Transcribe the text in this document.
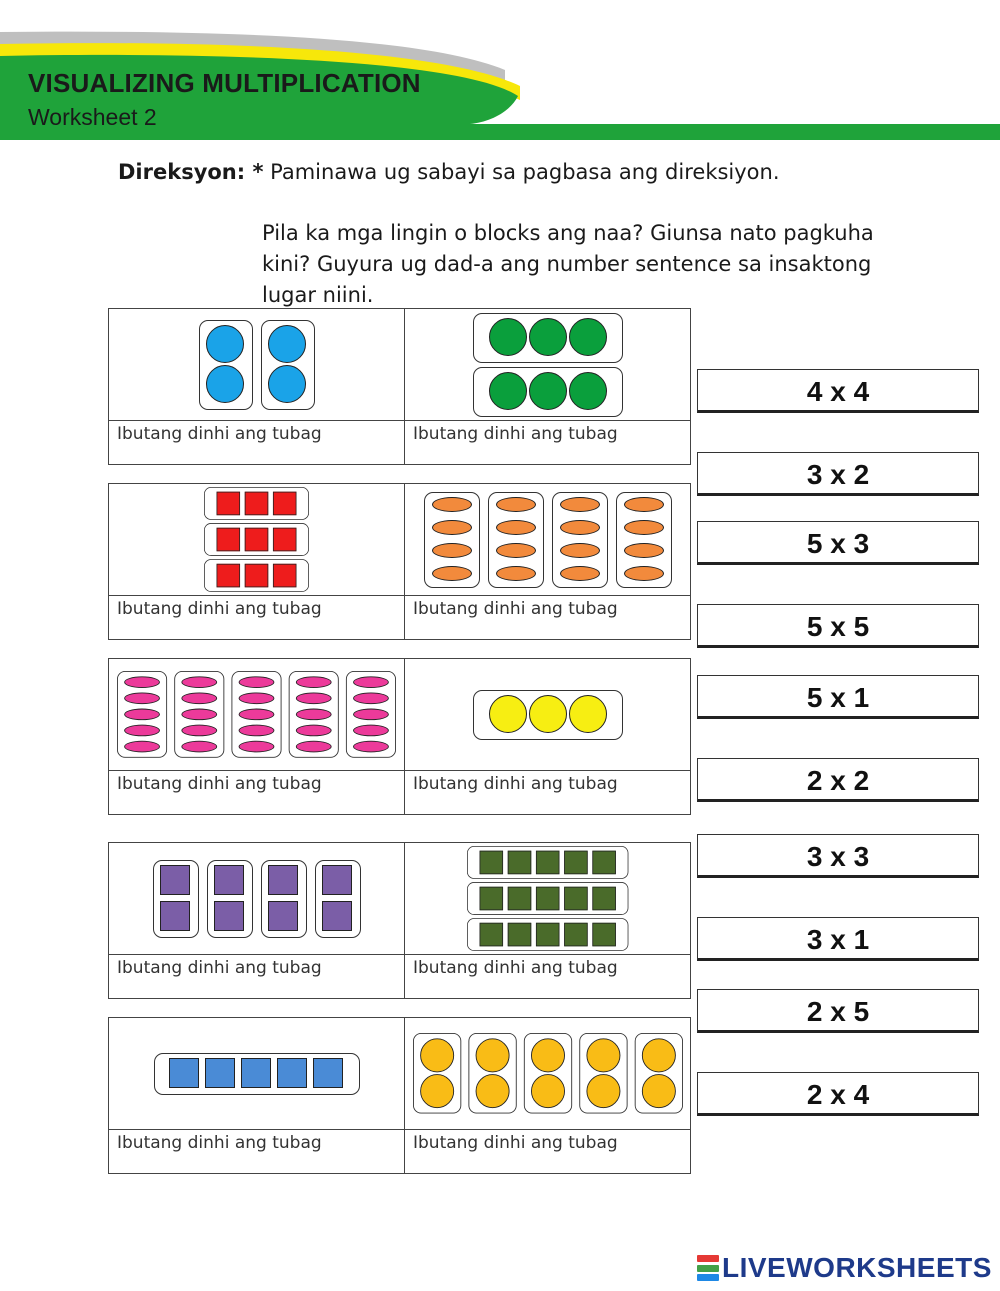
VISUALIZING MULTIPLICATION
Worksheet 2
Direksyon: * Paminawa ug sabayi sa pagbasa ang direksiyon.
Pila ka mga lingin o blocks ang naa? Giunsa nato pagkuha kini? Guyura ug dad-a ang number sentence sa insaktong lugar niini.
Ibutang dinhi ang tubag	Ibutang dinhi ang tubag
Ibutang dinhi ang tubag	Ibutang dinhi ang tubag
Ibutang dinhi ang tubag	Ibutang dinhi ang tubag
Ibutang dinhi ang tubag	Ibutang dinhi ang tubag
Ibutang dinhi ang tubag	Ibutang dinhi ang tubag
4 x 4
3 x 2
5 x 3
5 x 5
5 x 1
2 x 2
3 x 3
3 x 1
2 x 5
2 x 4
LIVEWORKSHEETS
